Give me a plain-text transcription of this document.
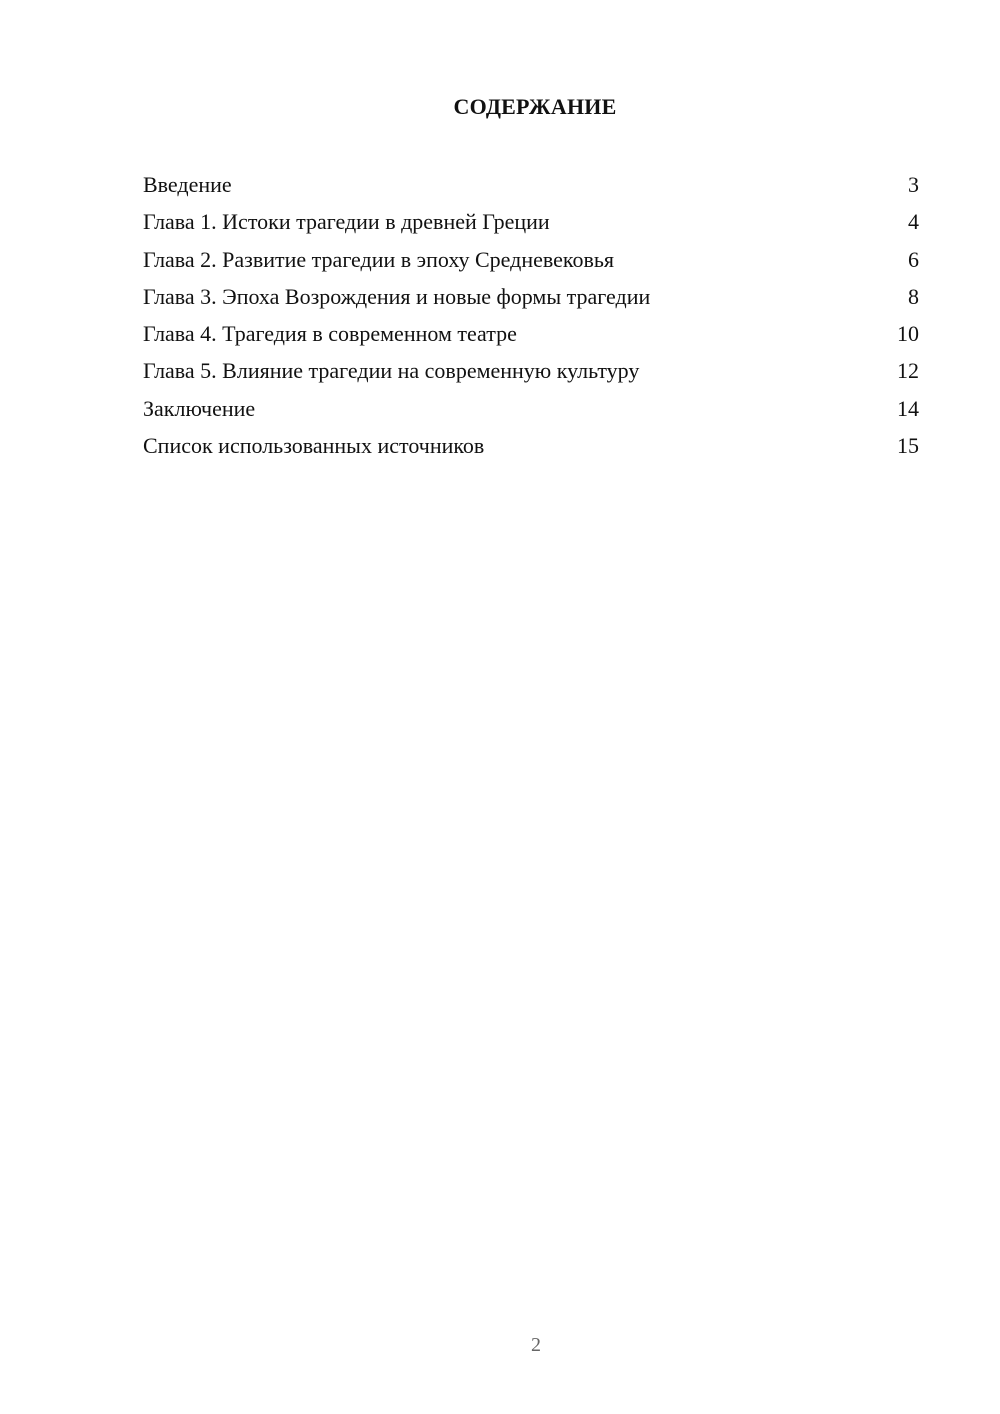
СОДЕРЖАНИЕ
Введение	3
Глава 1. Истоки трагедии в древней Греции	4
Глава 2. Развитие трагедии в эпоху Средневековья	6
Глава 3. Эпоха Возрождения и новые формы трагедии	8
Глава 4. Трагедия в современном театре	10
Глава 5. Влияние трагедии на современную культуру	12
Заключение	14
Список использованных источников	15
2
